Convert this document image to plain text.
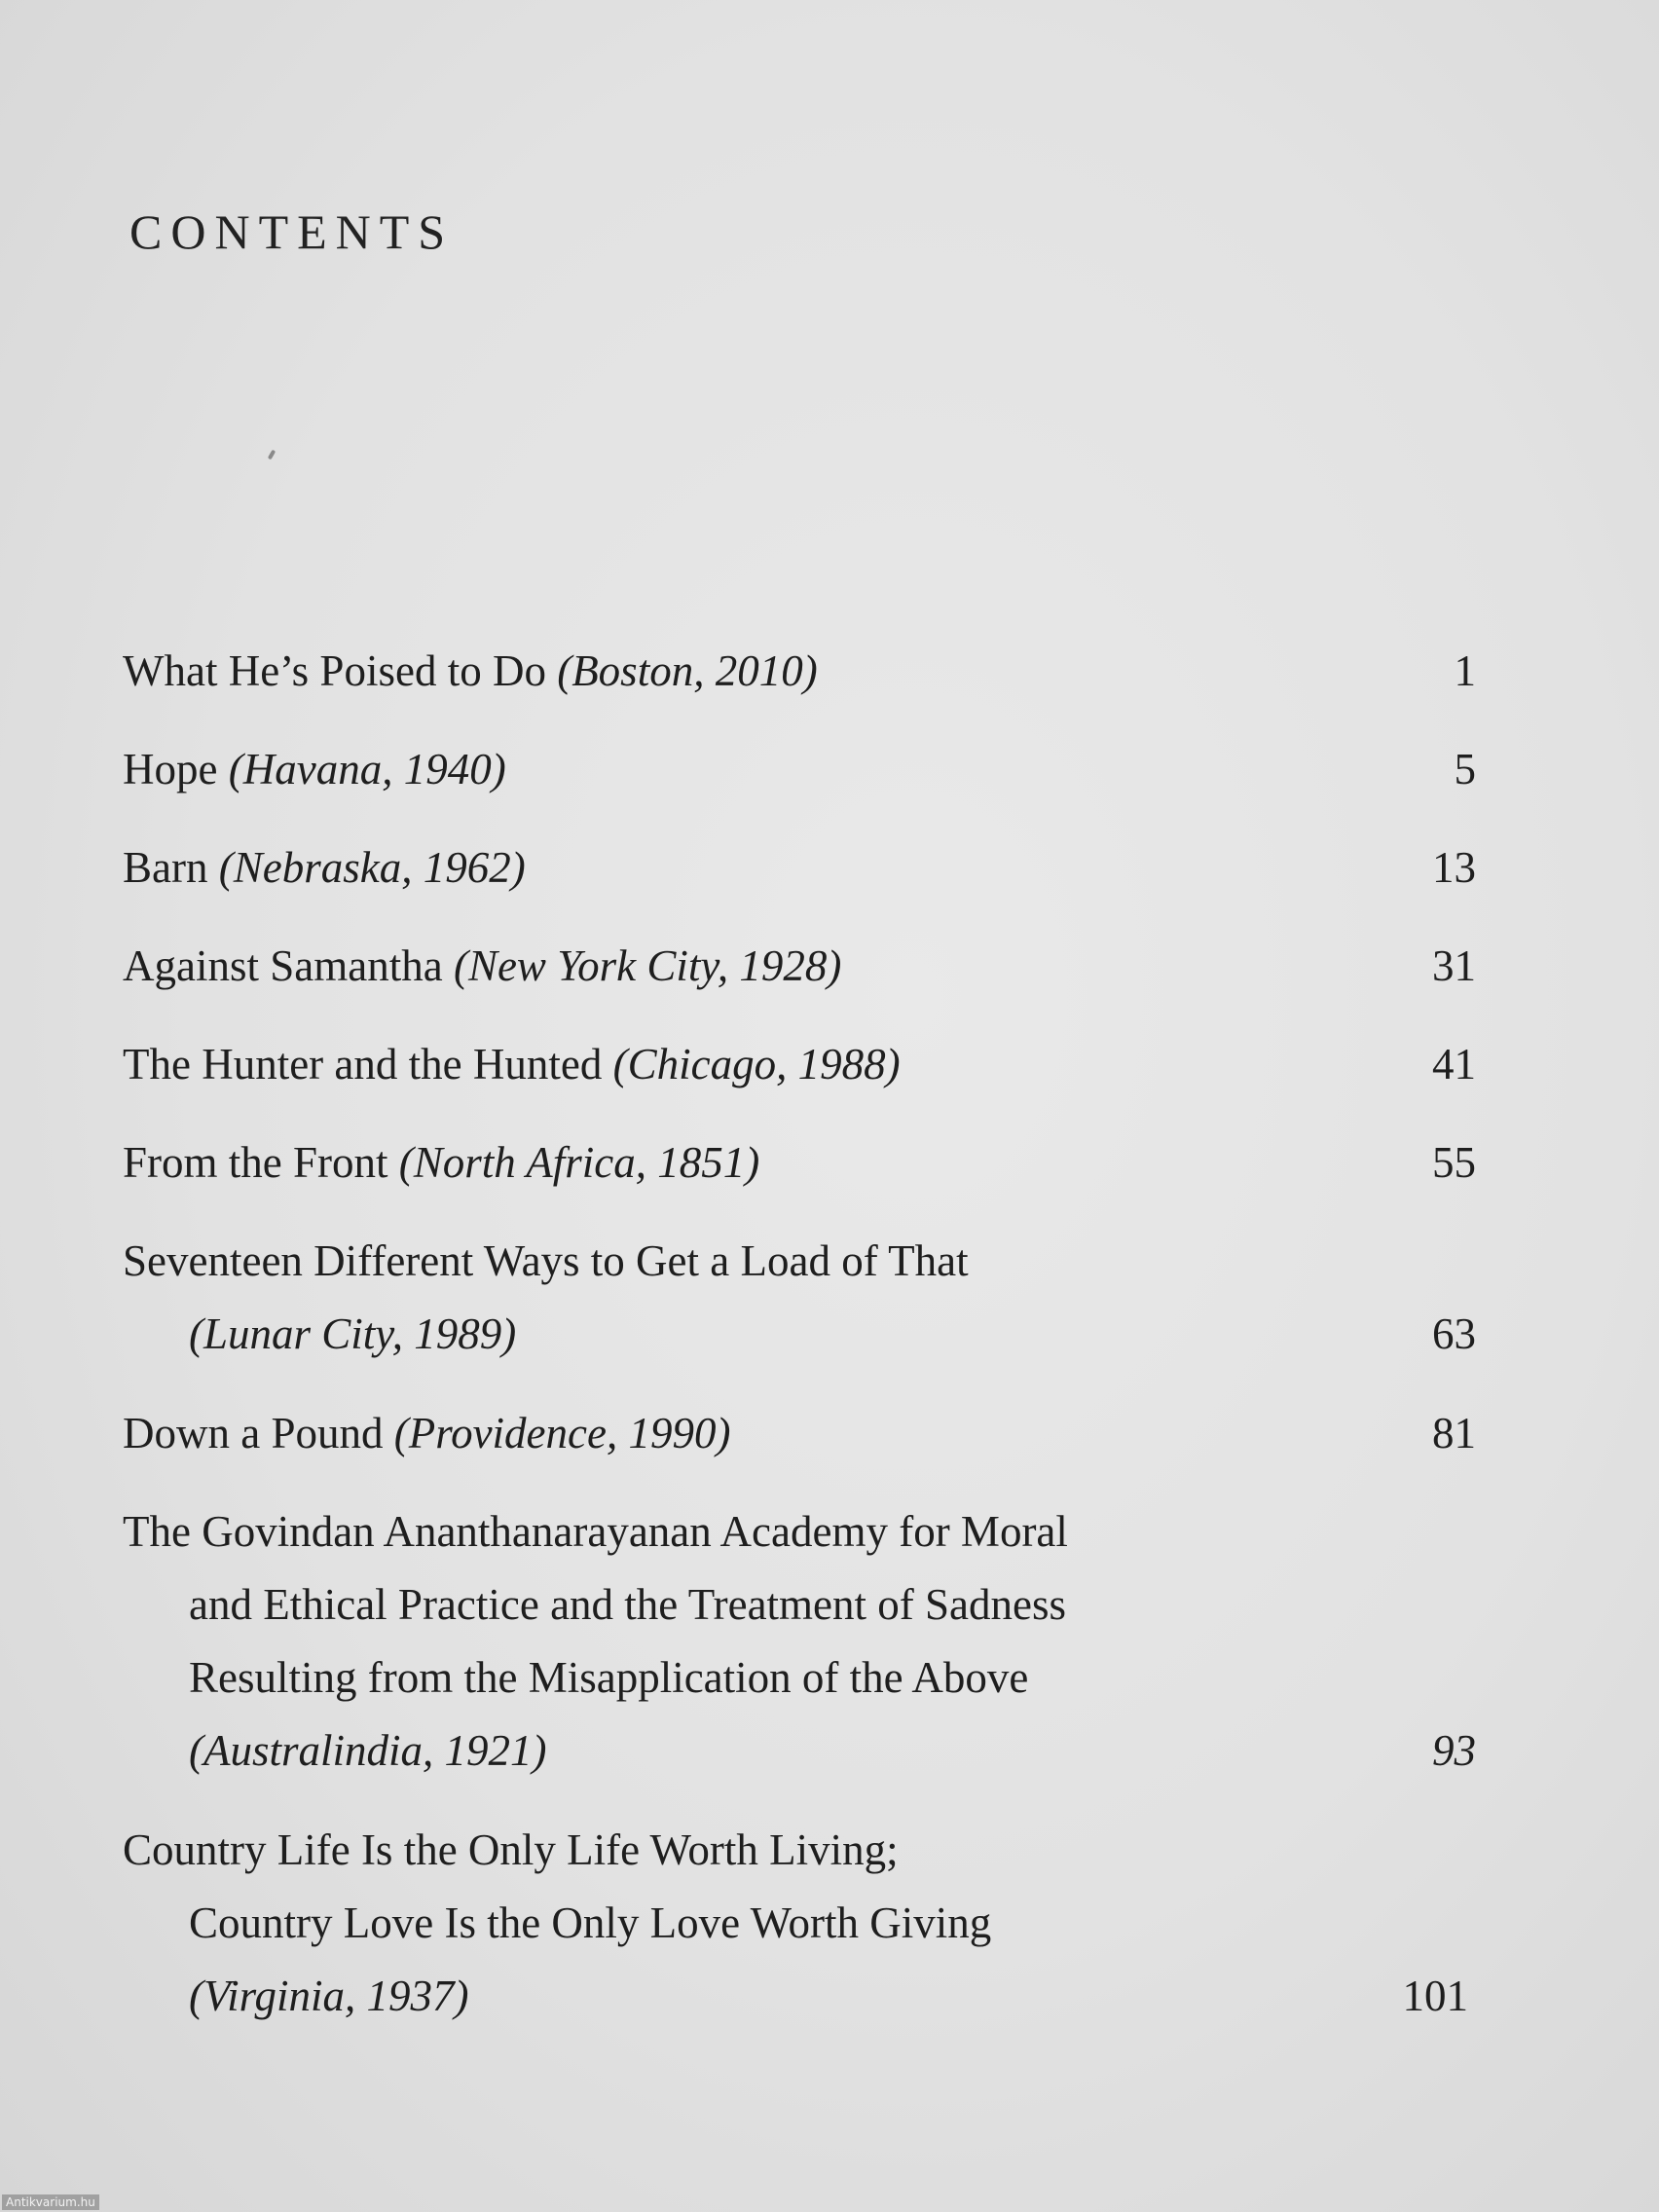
CONTENTS
What He’s Poised to Do (Boston, 2010)	1
Hope (Havana, 1940)	5
Barn (Nebraska, 1962)	13
Against Samantha (New York City, 1928)	31
The Hunter and the Hunted (Chicago, 1988)	41
From the Front (North Africa, 1851)	55
Seventeen Different Ways to Get a Load of That
(Lunar City, 1989)	63
Down a Pound (Providence, 1990)	81
The Govindan Ananthanarayanan Academy for Moral
and Ethical Practice and the Treatment of Sadness
Resulting from the Misapplication of the Above
(Australindia, 1921)	93
Country Life Is the Only Life Worth Living;
Country Love Is the Only Love Worth Giving
(Virginia, 1937)	101
Antikvarium.hu
